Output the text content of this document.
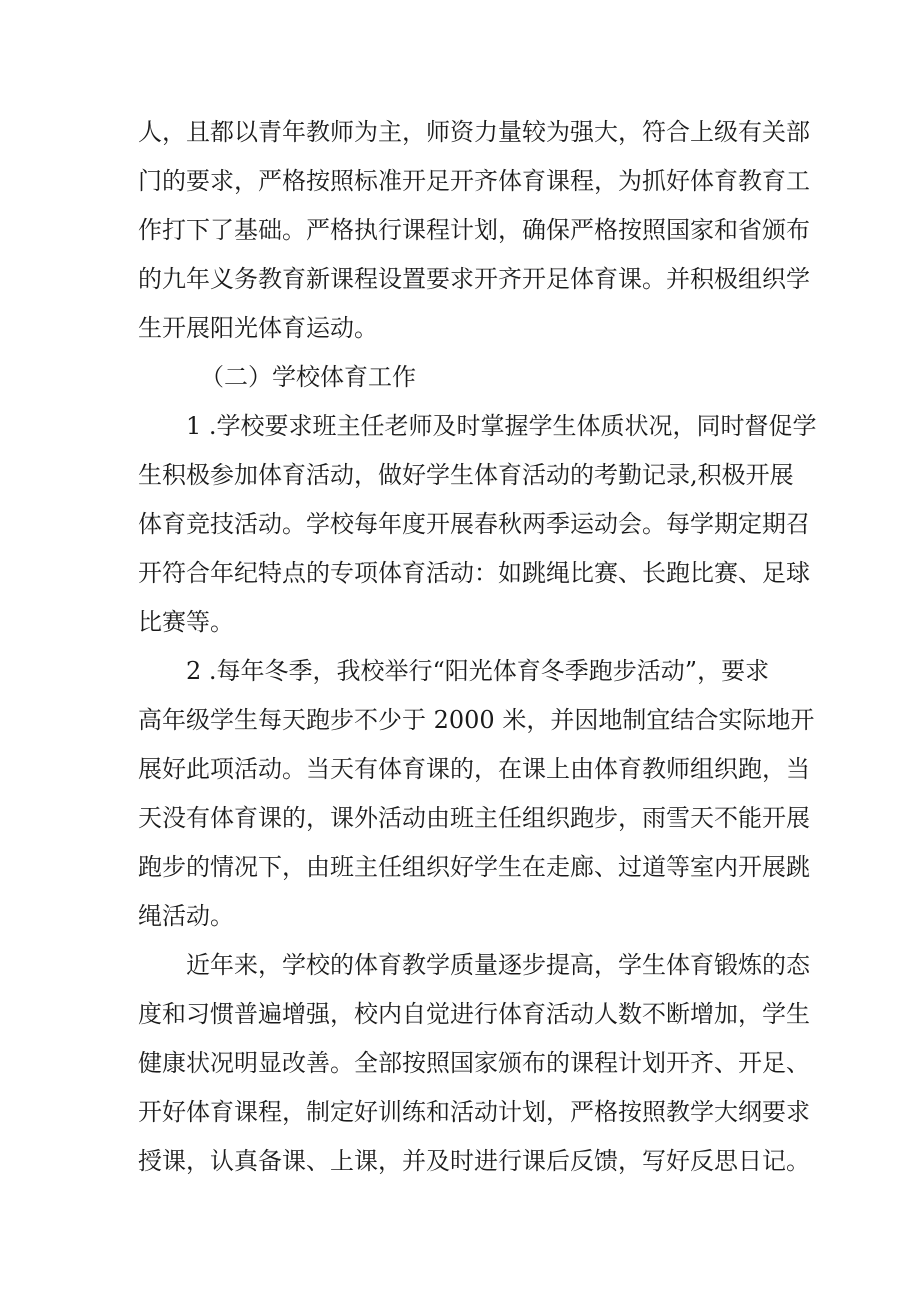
人，且都以青年教师为主，师资力量较为强大，符合上级有关部
门的要求，严格按照标准开足开齐体育课程，为抓好体育教育工
作打下了基础。严格执行课程计划，确保严格按照国家和省颁布
的九年义务教育新课程设置要求开齐开足体育课。并积极组织学
生开展阳光体育运动。
（二）学校体育工作
1 .学校要求班主任老师及时掌握学生体质状况，同时督促学
生积极参加体育活动，做好学生体育活动的考勤记录,积极开展
体育竞技活动。学校每年度开展春秋两季运动会。每学期定期召
开符合年纪特点的专项体育活动：如跳绳比赛、长跑比赛、足球
比赛等。
2 .每年冬季，我校举行“阳光体育冬季跑步活动”，要求
高年级学生每天跑步不少于 2000 米，并因地制宜结合实际地开
展好此项活动。当天有体育课的，在课上由体育教师组织跑，当
天没有体育课的，课外活动由班主任组织跑步，雨雪天不能开展
跑步的情况下，由班主任组织好学生在走廊、过道等室内开展跳
绳活动。
近年来，学校的体育教学质量逐步提高，学生体育锻炼的态
度和习惯普遍增强，校内自觉进行体育活动人数不断增加，学生
健康状况明显改善。全部按照国家颁布的课程计划开齐、开足、
开好体育课程，制定好训练和活动计划，严格按照教学大纲要求
授课，认真备课、上课，并及时进行课后反馈，写好反思日记。
